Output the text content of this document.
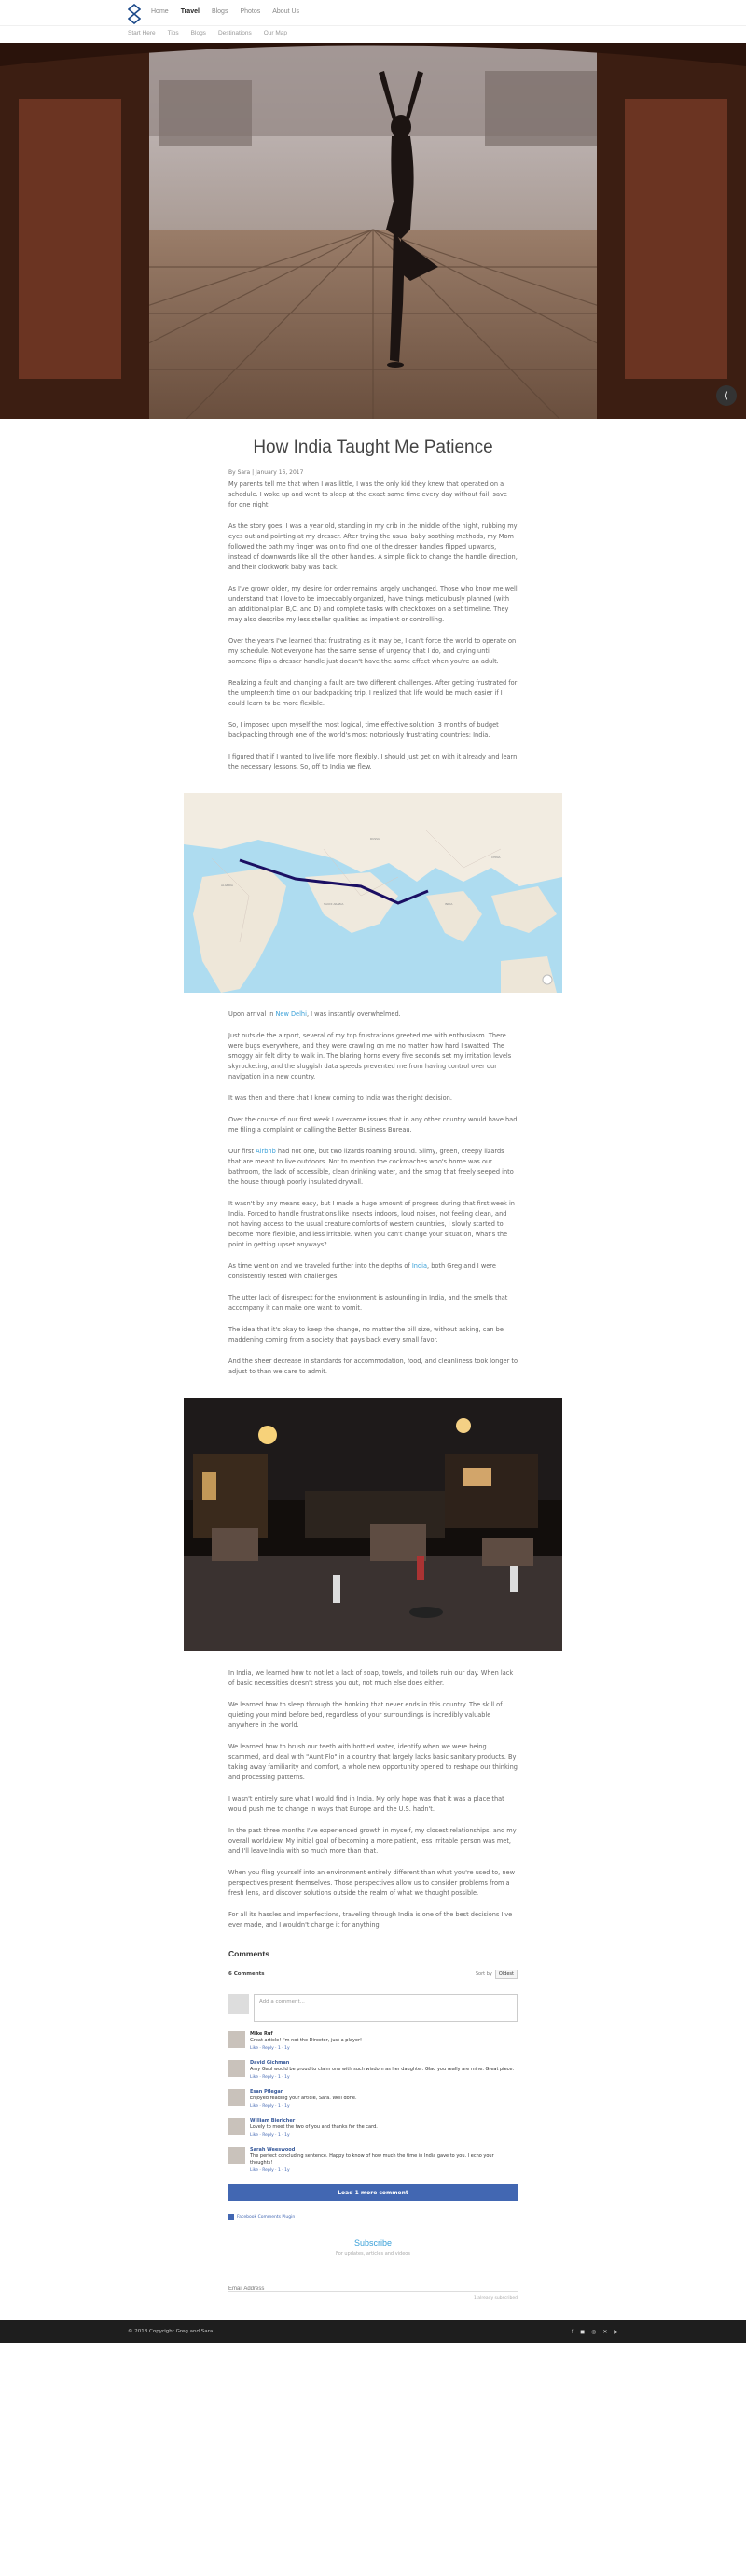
Home Travel Blogs Photos About Us
Start Here Tips Blogs Destinations Our Map
⟨
How India Taught Me Patience
By Sara | January 16, 2017

My parents tell me that when I was little, I was the only kid they knew that operated on a schedule. I woke up and went to sleep at the exact same time every day without fail, save for one night.

As the story goes, I was a year old, standing in my crib in the middle of the night, rubbing my eyes out and pointing at my dresser. After trying the usual baby soothing methods, my Mom followed the path my finger was on to find one of the dresser handles flipped upwards, instead of downwards like all the other handles. A simple flick to change the handle direction, and their clockwork baby was back.

As I've grown older, my desire for order remains largely unchanged. Those who know me well understand that I love to be impeccably organized, have things meticulously planned (with an additional plan B,C, and D) and complete tasks with checkboxes on a set timeline. They may also describe my less stellar qualities as impatient or controlling.

Over the years I've learned that frustrating as it may be, I can't force the world to operate on my schedule. Not everyone has the same sense of urgency that I do, and crying until someone flips a dresser handle just doesn't have the same effect when you're an adult.

Realizing a fault and changing a fault are two different challenges. After getting frustrated for the umpteenth time on our backpacking trip, I realized that life would be much easier if I could learn to be more flexible.

So, I imposed upon myself the most logical, time effective solution: 3 months of budget backpacking through one of the world's most notoriously frustrating countries: India.

I figured that if I wanted to live life more flexibly, I should just get on with it already and learn the necessary lessons. So, off to India we flew.

ALGERIA
SAUDI ARABIA	INDIA
RUSSIA
CHINA

Upon arrival in New Delhi, I was instantly overwhelmed.

Just outside the airport, several of my top frustrations greeted me with enthusiasm. There were bugs everywhere, and they were crawling on me no matter how hard I swatted. The smoggy air felt dirty to walk in. The blaring horns every five seconds set my irritation levels skyrocketing, and the sluggish data speeds prevented me from having control over our navigation in a new country.

It was then and there that I knew coming to India was the right decision.

Over the course of our first week I overcame issues that in any other country would have had me filing a complaint or calling the Better Business Bureau.

Our first Airbnb had not one, but two lizards roaming around. Slimy, green, creepy lizards that are meant to live outdoors. Not to mention the cockroaches who's home was our bathroom, the lack of accessible, clean drinking water, and the smog that freely seeped into the house through poorly insulated drywall.

It wasn't by any means easy, but I made a huge amount of progress during that first week in India. Forced to handle frustrations like insects indoors, loud noises, not feeling clean, and not having access to the usual creature comforts of western countries, I slowly started to become more flexible, and less irritable. When you can't change your situation, what's the point in getting upset anyways?

As time went on and we traveled further into the depths of India, both Greg and I were consistently tested with challenges.

The utter lack of disrespect for the environment is astounding in India, and the smells that accompany it can make one want to vomit.

The idea that it's okay to keep the change, no matter the bill size, without asking, can be maddening coming from a society that pays back every small favor.

And the sheer decrease in standards for accommodation, food, and cleanliness took longer to adjust to than we care to admit.

In India, we learned how to not let a lack of soap, towels, and toilets ruin our day. When lack of basic necessities doesn't stress you out, not much else does either.

We learned how to sleep through the honking that never ends in this country. The skill of quieting your mind before bed, regardless of your surroundings is incredibly valuable anywhere in the world.

We learned how to brush our teeth with bottled water, identify when we were being scammed, and deal with "Aunt Flo" in a country that largely lacks basic sanitary products. By taking away familiarity and comfort, a whole new opportunity opened to reshape our thinking and processing patterns.

I wasn't entirely sure what I would find in India. My only hope was that it was a place that would push me to change in ways that Europe and the U.S. hadn't.

In the past three months I've experienced growth in myself, my closest relationships, and my overall worldview. My initial goal of becoming a more patient, less irritable person was met, and I'll leave India with so much more than that.

When you fling yourself into an environment entirely different than what you're used to, new perspectives present themselves. Those perspectives allow us to consider problems from a fresh lens, and discover solutions outside the realm of what we thought possible.

For all its hassles and imperfections, traveling through India is one of the best decisions I've ever made, and I wouldn't change it for anything.

Comments
6 Comments	Sort by	Oldest
Add a comment...
Mike Ruf
Great article! I'm not the Director, just a player!
Like · Reply · 1 · 1y
David Gichman
Amy Gaul would be proud to claim one with such wisdom as her daughter. Glad you really are mine. Great piece.
Like · Reply · 1 · 1y
Esan Pflegan
Enjoyed reading your article, Sara. Well done.
Like · Reply · 1 · 1y
William Bierlcher
Lovely to meet the two of you and thanks for the card.
Like · Reply · 1 · 1y
Sarah Weeswood
The perfect concluding sentence. Happy to know of how much the time in India gave to you. I echo your thoughts!
Like · Reply · 1 · 1y
Load 1 more comment
Facebook Comments Plugin
Subscribe
For updates, articles and videos
Email Address
1 already subscribed
© 2018 Copyright Greg and Sara	f ◼ ◎ ✕ ▶
